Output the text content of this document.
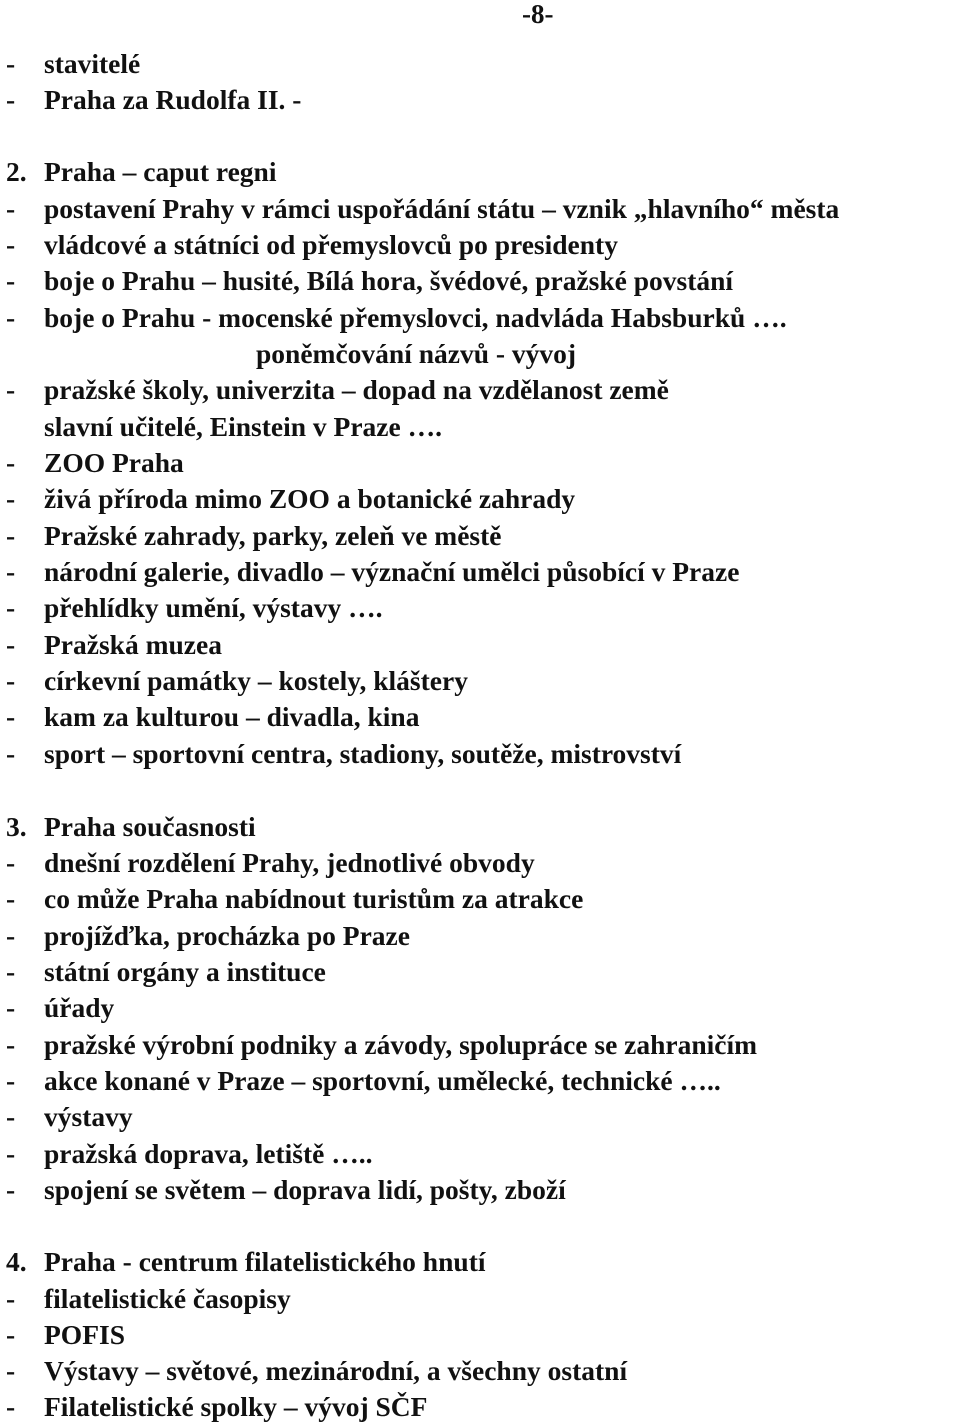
-8-
- stavitelé
- Praha za Rudolfa II. -
2. Praha – caput regni
- postavení Prahy v rámci uspořádání státu – vznik „hlavního“ města
- vládcové a státníci od přemyslovců po presidenty
- boje o Prahu – husité, Bílá hora, švédové, pražské povstání
- boje o Prahu - mocenské přemyslovci, nadvláda Habsburků ….
poněmčování názvů - vývoj
- pražské školy, univerzita – dopad na vzdělanost země
slavní učitelé, Einstein v Praze ….
- ZOO Praha
- živá příroda mimo ZOO a botanické zahrady
- Pražské zahrady, parky, zeleň ve městě
- národní galerie, divadlo – význační umělci působící v Praze
- přehlídky umění, výstavy ….
- Pražská muzea
- církevní památky – kostely, kláštery
- kam za kulturou – divadla, kina
- sport – sportovní centra, stadiony, soutěže, mistrovství
3. Praha současnosti
- dnešní rozdělení Prahy, jednotlivé obvody
- co může Praha nabídnout turistům za atrakce
- projížďka, procházka po Praze
- státní orgány a instituce
- úřady
- pražské výrobní podniky a závody, spolupráce se zahraničím
- akce konané v Praze – sportovní, umělecké, technické …..
- výstavy
- pražská doprava, letiště …..
- spojení se světem – doprava lidí, pošty, zboží
4. Praha - centrum filatelistického hnutí
- filatelistické časopisy
- POFIS
- Výstavy – světové, mezinárodní, a všechny ostatní
- Filatelistické spolky – vývoj SČF
